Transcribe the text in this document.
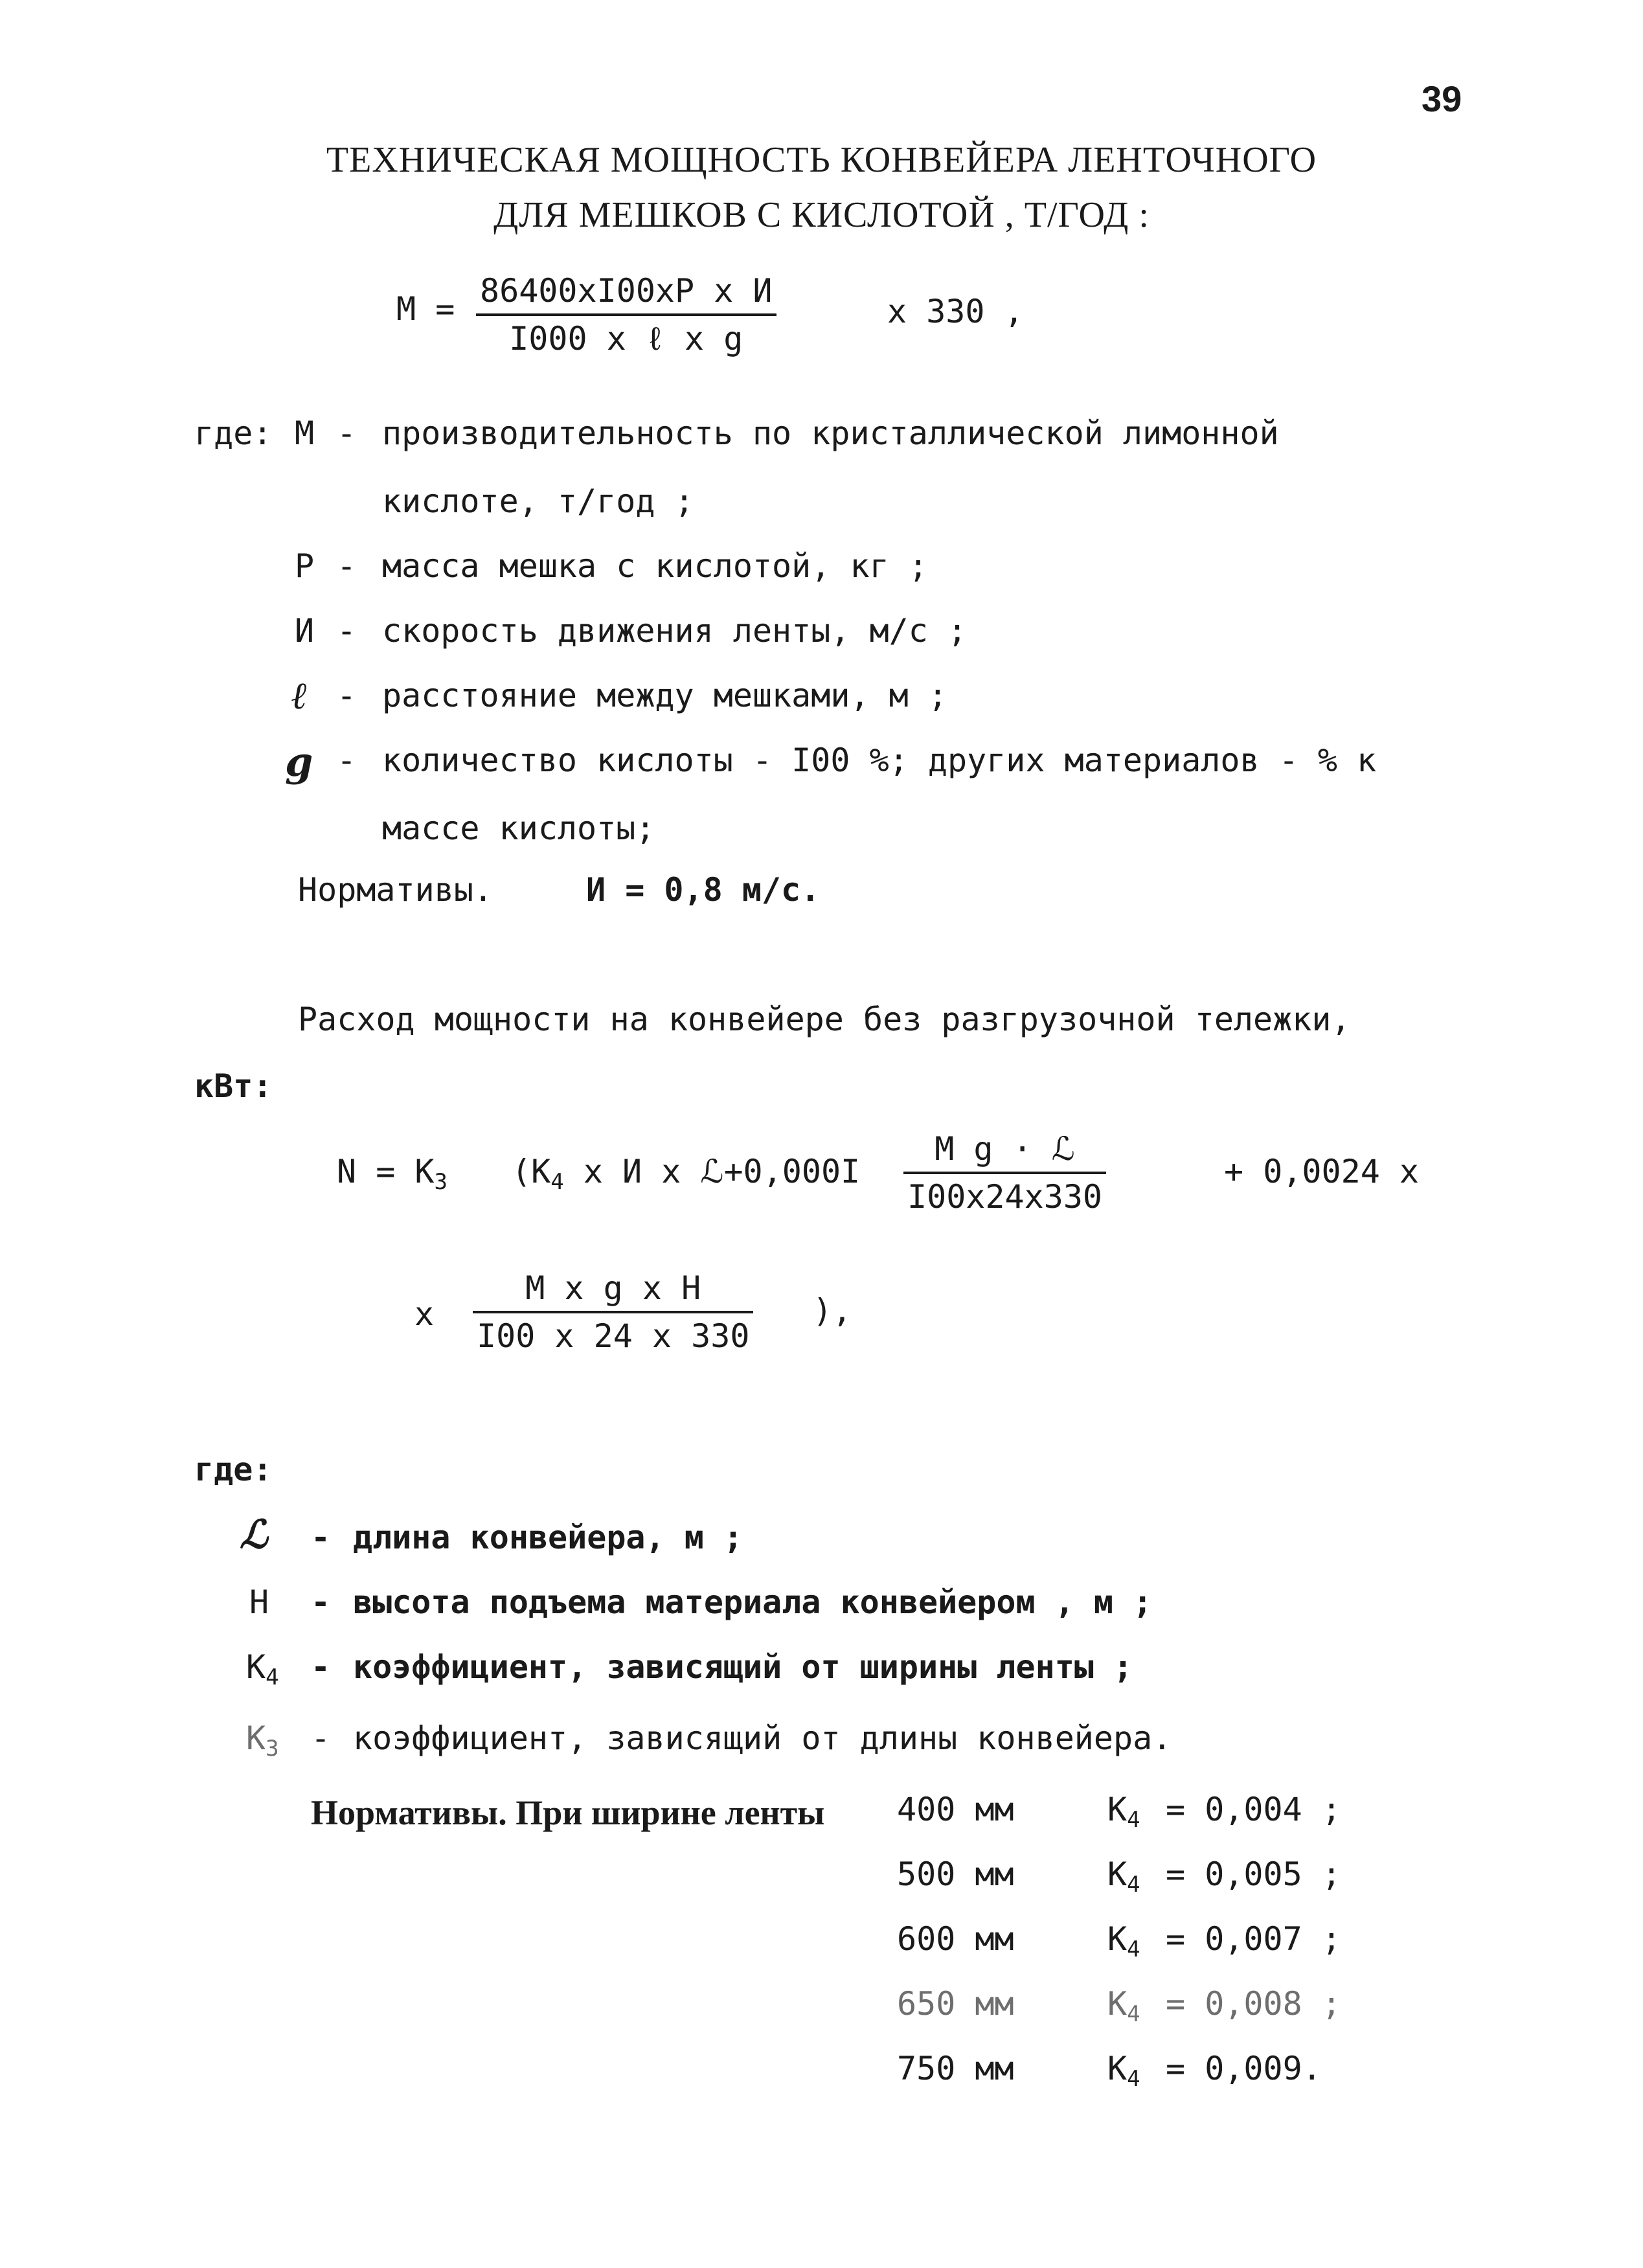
39
ТЕХНИЧЕСКАЯ МОЩНОСТЬ КОНВЕЙЕРА ЛЕНТОЧНОГО
ДЛЯ МЕШКОВ С КИСЛОТОЙ , Т/ГОД :
М = 86400xI00xP x И
I000 x ℓ x g
x 330 ,
где: М - производительность по кристаллической лимонной
кислоте, т/год ;
Р - масса мешка с кислотой, кг ;
И - скорость движения ленты, м/с ;
ℓ - расстояние между мешками, м ;
g - количество кислоты - I00 %; других материалов - % к
массе кислоты;
Нормативы.	И = 0,8 м/с.
Расход мощности на конвейере без разгрузочной тележки,
кВт:
$N = K_3$ ($K_4$ x И x ℒ+0,000I
М g · ℒ
I00x24x330
+ 0,0024 x
x
М x g x Н
I00 x 24 x 330
),
где:
ℒ - длина конвейера, м ;
Н - высота подъема материала конвейером , м ;
$K_4$ - коэффициент, зависящий от ширины ленты ;
$K_3$ - коэффициент, зависящий от длины конвейера.
Нормативы. При ширине ленты 400 мм	$K_4 = 0,004$ ;
500 мм	$K_4 = 0,005$ ;
600 мм	$K_4 = 0,007$ ;
650 мм	$K_4 = 0,008$ ;
750 мм	$K_4 = 0,009$.
